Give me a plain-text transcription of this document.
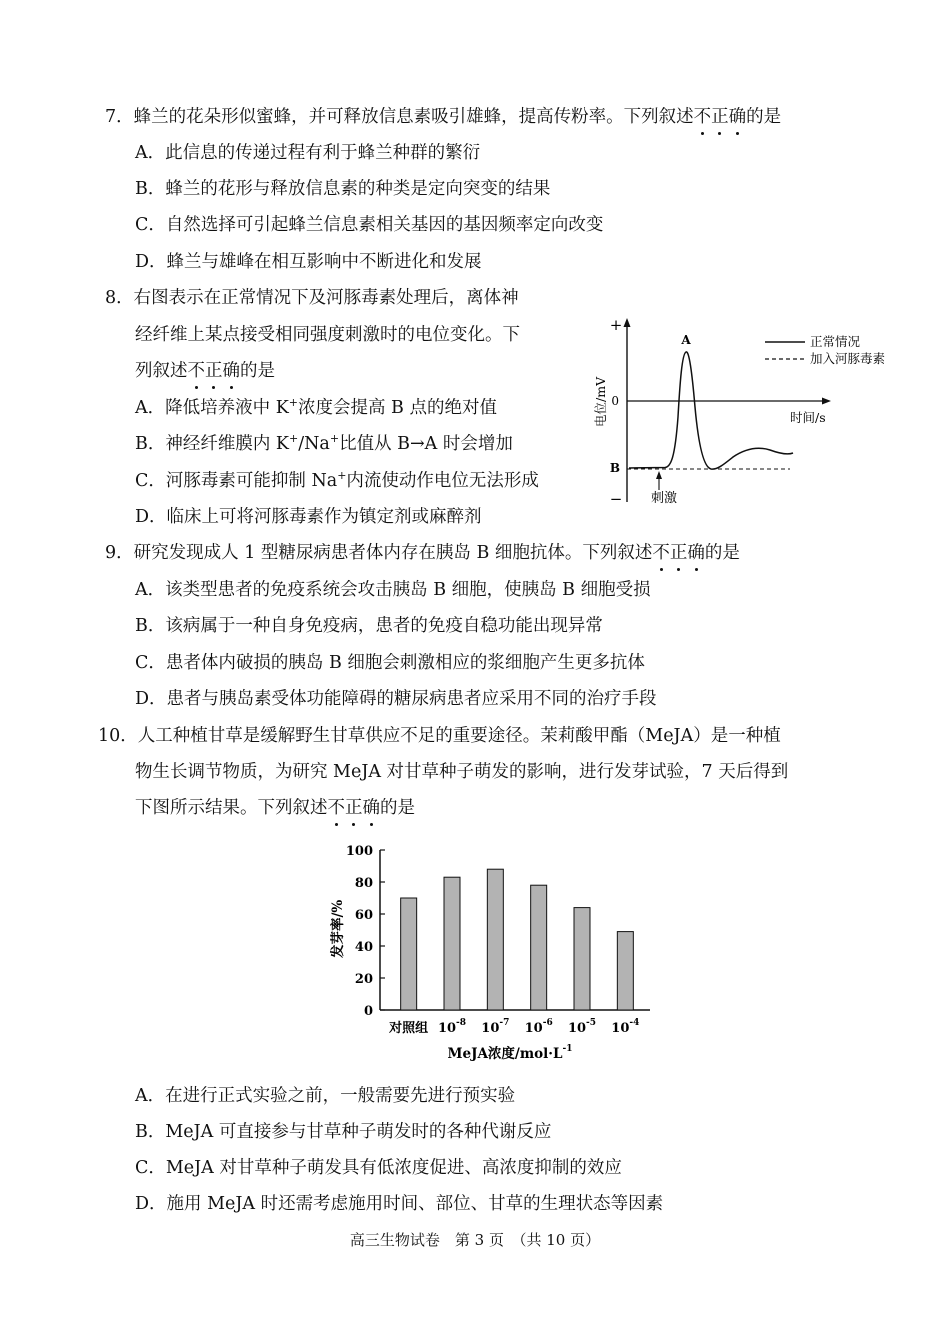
7．蜂兰的花朵形似蜜蜂，并可释放信息素吸引雄蜂，提高传粉率。下列叙述不正确的是
A．此信息的传递过程有利于蜂兰种群的繁衍
B．蜂兰的花形与释放信息素的种类是定向突变的结果
C．自然选择可引起蜂兰信息素相关基因的基因频率定向改变
D．蜂兰与雄峰在相互影响中不断进化和发展
8．右图表示在正常情况下及河豚毒素处理后，离体神
经纤维上某点接受相同强度刺激时的电位变化。下
列叙述不正确的是
A．降低培养液中 K+浓度会提高 B 点的绝对值
B．神经纤维膜内 K+/Na+比值从 B→A 时会增加
C．河豚毒素可能抑制 Na+内流使动作电位无法形成
D．临床上可将河豚毒素作为镇定剂或麻醉剂
+
−
0
时间/s
电位/mV
A
B
刺激
正常情况
加入河豚毒素
9．研究发现成人 1 型糖尿病患者体内存在胰岛 B 细胞抗体。下列叙述不正确的是
A．该类型患者的免疫系统会攻击胰岛 B 细胞，使胰岛 B 细胞受损
B．该病属于一种自身免疫病，患者的免疫自稳功能出现异常
C．患者体内破损的胰岛 B 细胞会刺激相应的浆细胞产生更多抗体
D．患者与胰岛素受体功能障碍的糖尿病患者应采用不同的治疗手段
10．人工种植甘草是缓解野生甘草供应不足的重要途径。茉莉酸甲酯（MeJA）是一种植
物生长调节物质，为研究 MeJA 对甘草种子萌发的影响，进行发芽试验，7 天后得到
下图所示结果。下列叙述不正确的是
0
20
40
60
80
100
对照组 $10^{-8}$ $10^{-7}$ $10^{-6}$ $10^{-5}$ $10^{-4}$
发芽率/%
MeJA浓度$/mol\cdot L^{-1}$
A．在进行正式实验之前，一般需要先进行预实验
B．MeJA 可直接参与甘草种子萌发时的各种代谢反应
C．MeJA 对甘草种子萌发具有低浓度促进、高浓度抑制的效应
D．施用 MeJA 时还需考虑施用时间、部位、甘草的生理状态等因素
高三生物试卷　第 3 页　（共 10 页）
